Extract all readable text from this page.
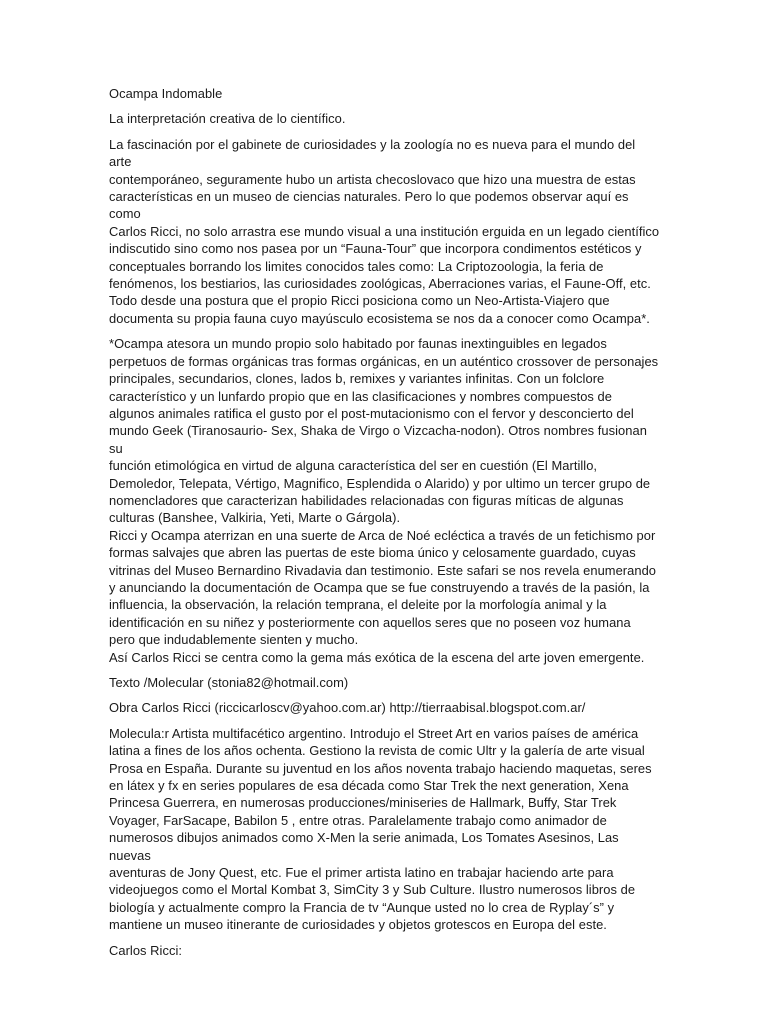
Ocampa Indomable

La interpretación creativa de lo científico.

La fascinación por el gabinete de curiosidades y la zoología no es nueva para el mundo del arte
contemporáneo, seguramente hubo un artista checoslovaco que hizo una muestra de estas
características en un museo de ciencias naturales. Pero lo que podemos observar aquí es como
Carlos Ricci, no solo arrastra ese mundo visual a una institución erguida en un legado científico
indiscutido sino como nos pasea por un “Fauna-Tour” que incorpora condimentos estéticos y
conceptuales borrando los limites conocidos tales como: La Criptozoologia, la feria de
fenómenos, los bestiarios, las curiosidades zoológicas, Aberraciones varias, el Faune-Off, etc.
Todo desde una postura que el propio Ricci posiciona como un Neo-Artista-Viajero que
documenta su propia fauna cuyo mayúsculo ecosistema se nos da a conocer como Ocampa*.

*Ocampa atesora un mundo propio solo habitado por faunas inextinguibles en legados
perpetuos de formas orgánicas tras formas orgánicas, en un auténtico crossover de personajes
principales, secundarios, clones, lados b, remixes y variantes infinitas. Con un folclore
característico y un lunfardo propio que en las clasificaciones y nombres compuestos de
algunos animales ratifica el gusto por el post-mutacionismo con el fervor y desconcierto del
mundo Geek (Tiranosaurio- Sex, Shaka de Virgo o Vizcacha-nodon). Otros nombres fusionan su
función etimológica en virtud de alguna característica del ser en cuestión (El Martillo,
Demoledor, Telepata, Vértigo, Magnifico, Esplendida o Alarido) y por ultimo un tercer grupo de
nomencladores que caracterizan habilidades relacionadas con figuras míticas de algunas
culturas (Banshee, Valkiria, Yeti, Marte o Gárgola).

Ricci y Ocampa aterrizan en una suerte de Arca de Noé ecléctica a través de un fetichismo por
formas salvajes que abren las puertas de este bioma único y celosamente guardado, cuyas
vitrinas del Museo Bernardino Rivadavia dan testimonio. Este safari se nos revela enumerando
y anunciando la documentación de Ocampa que se fue construyendo a través de la pasión, la
influencia, la observación, la relación temprana, el deleite por la morfología animal y la
identificación en su niñez y posteriormente con aquellos seres que no poseen voz humana
pero que indudablemente sienten y mucho.

Así Carlos Ricci se centra como la gema más exótica de la escena del arte joven emergente.

Texto /Molecular (stonia82@hotmail.com)

Obra Carlos Ricci (riccicarloscv@yahoo.com.ar) http://tierraabisal.blogspot.com.ar/

Molecula:r Artista multifacético argentino. Introdujo el Street Art en varios países de américa
latina a fines de los años ochenta. Gestiono la revista de comic Ultr y la galería de arte visual
Prosa en España. Durante su juventud en los años noventa trabajo haciendo maquetas, seres
en látex y fx en series populares de esa década como Star Trek the next generation, Xena
Princesa Guerrera, en numerosas producciones/miniseries de Hallmark, Buffy, Star Trek
Voyager, FarSacape, Babilon 5 , entre otras. Paralelamente trabajo como animador de
numerosos dibujos animados como X-Men la serie animada, Los Tomates Asesinos, Las nuevas
aventuras de Jony Quest, etc. Fue el primer artista latino en trabajar haciendo arte para
videojuegos como el Mortal Kombat 3, SimCity 3 y Sub Culture. Ilustro numerosos libros de
biología y actualmente compro la Francia de tv “Aunque usted no lo crea de Ryplay´s” y
mantiene un museo itinerante de curiosidades y objetos grotescos en Europa del este.

Carlos Ricci:
